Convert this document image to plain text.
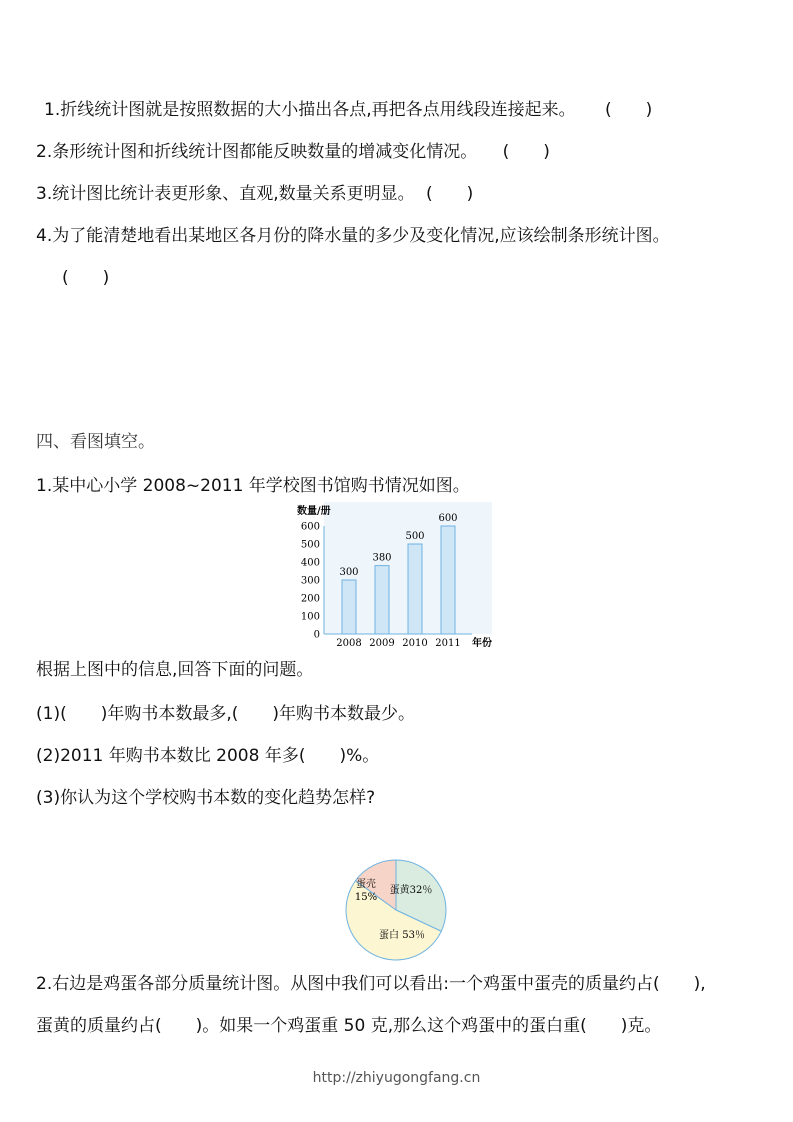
1.折线统计图就是按照数据的大小描出各点,再把各点用线段连接起来。 (　　)
2.条形统计图和折线统计图都能反映数量的增减变化情况。 (　　)
3.统计图比统计表更形象、直观,数量关系更明显。 (　　)
4.为了能清楚地看出某地区各月份的降水量的多少及变化情况,应该绘制条形统计图。
(　　)
四、看图填空。
1.某中心小学 2008~2011 年学校图书馆购书情况如图。
数量/册
年份
0
100
200
300
400
500
600
300
380
500
600
2008 2009 2010 2011
根据上图中的信息,回答下面的问题。
(1)(　　)年购书本数最多,(　　)年购书本数最少。
(2)2011 年购书本数比 2008 年多(　　)%。
(3)你认为这个学校购书本数的变化趋势怎样?
蛋黄32％
蛋白 53％
蛋壳
15%
2.右边是鸡蛋各部分质量统计图。从图中我们可以看出:一个鸡蛋中蛋壳的质量约占(　　),
蛋黄的质量约占(　　)。如果一个鸡蛋重 50 克,那么这个鸡蛋中的蛋白重(　　)克。
http://zhiyugongfang.cn
